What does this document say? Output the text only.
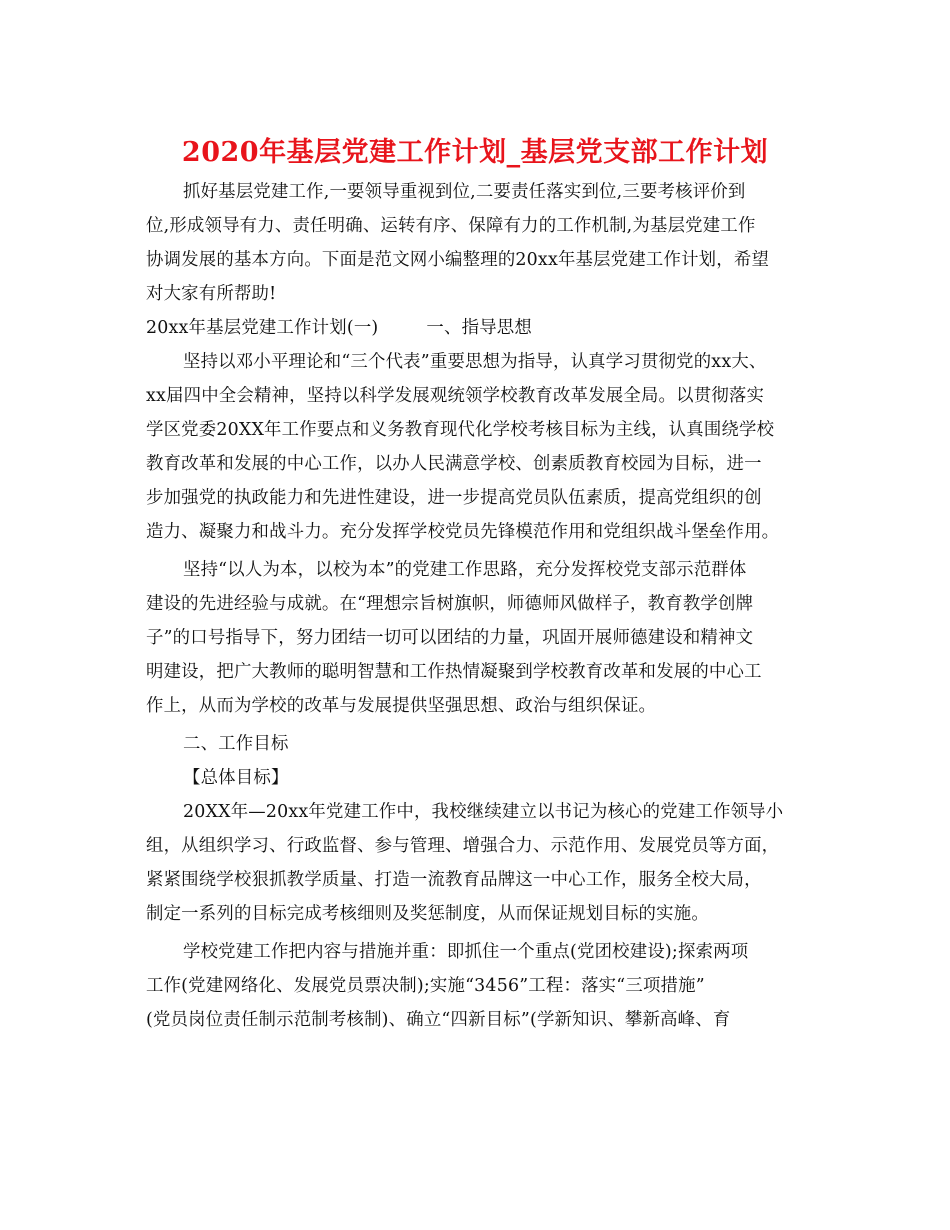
2020年基层党建工作计划_基层党支部工作计划
抓好基层党建工作,一要领导重视到位,二要责任落实到位,三要考核评价到
位,形成领导有力、责任明确、运转有序、保障有力的工作机制,为基层党建工作
协调发展的基本方向。下面是范文网小编整理的20xx年基层党建工作计划，希望
对大家有所帮助!
20xx年基层党建工作计划(一)	一、指导思想
坚持以邓小平理论和“三个代表”重要思想为指导，认真学习贯彻党的xx大、
xx届四中全会精神，坚持以科学发展观统领学校教育改革发展全局。以贯彻落实
学区党委20XX年工作要点和义务教育现代化学校考核目标为主线，认真围绕学校
教育改革和发展的中心工作，以办人民满意学校、创素质教育校园为目标，进一
步加强党的执政能力和先进性建设，进一步提高党员队伍素质，提高党组织的创
造力、凝聚力和战斗力。充分发挥学校党员先锋模范作用和党组织战斗堡垒作用。
坚持“以人为本，以校为本”的党建工作思路，充分发挥校党支部示范群体
建设的先进经验与成就。在“理想宗旨树旗帜，师德师风做样子，教育教学创牌
子”的口号指导下，努力团结一切可以团结的力量，巩固开展师德建设和精神文
明建设，把广大教师的聪明智慧和工作热情凝聚到学校教育改革和发展的中心工
作上，从而为学校的改革与发展提供坚强思想、政治与组织保证。
二、工作目标
【总体目标】
20XX年—20xx年党建工作中，我校继续建立以书记为核心的党建工作领导小
组，从组织学习、行政监督、参与管理、增强合力、示范作用、发展党员等方面，
紧紧围绕学校狠抓教学质量、打造一流教育品牌这一中心工作，服务全校大局，
制定一系列的目标完成考核细则及奖惩制度，从而保证规划目标的实施。
学校党建工作把内容与措施并重：即抓住一个重点(党团校建设);探索两项
工作(党建网络化、发展党员票决制);实施“3456”工程：落实“三项措施”
(党员岗位责任制示范制考核制)、确立“四新目标”(学新知识、攀新高峰、育
